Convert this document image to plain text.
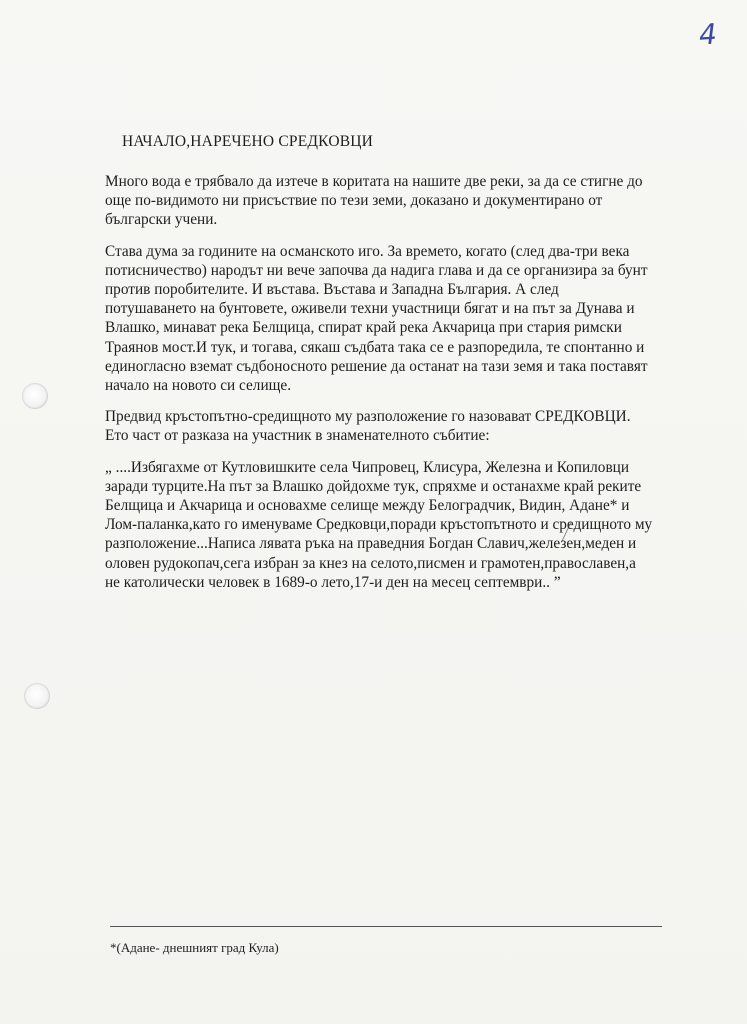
4
НАЧАЛО,НАРЕЧЕНО СРЕДКОВЦИ

Много вода е трябвало да изтече в коритата на нашите две реки, за да се стигне до още по-видимото ни присъствие по тези земи, доказано и документирано от български учени.

Става дума за годините на османското иго. За времето, когато (след два-три века потисничество) народът ни вече започва да надига глава и да се организира за бунт против поробителите. И въстава. Въстава и Западна България. А след потушаването на бунтовете, оживели техни участници бягат и на път за Дунава и Влашко, минават река Белщица, спират край река Акчарица при стария римски Траянов мост.И тук, и тогава, сякаш съдбата така се е разпоредила, те спонтанно и единогласно вземат съдбоносното решение да останат на тази земя и така поставят начало на новото си селище.

Предвид кръстопътно-средищното му разположение го назовават СРЕДКОВЦИ. Ето част от разказа на участник в знаменателното събитие:

„ ....Избягахме от Кутловишките села Чипровец, Клисура, Железна и Копиловци заради турците.На път за Влашко дойдохме тук, спряхме и останахме край реките Белщица и Акчарица и основахме селище между Белоградчик, Видин, Адане* и Лом-паланка,като го именуваме Средковци,поради кръстопътното и средищното му разположение...Написа лявата ръка на праведния Богдан Славич,железен,меден и оловен рудокопач,сега избран за кнез на селото,писмен и грамотен,православен,а не католически человек в 1689-о лето,17-и ден на месец септември.. ”

*(Адане- днешният град Кула)
